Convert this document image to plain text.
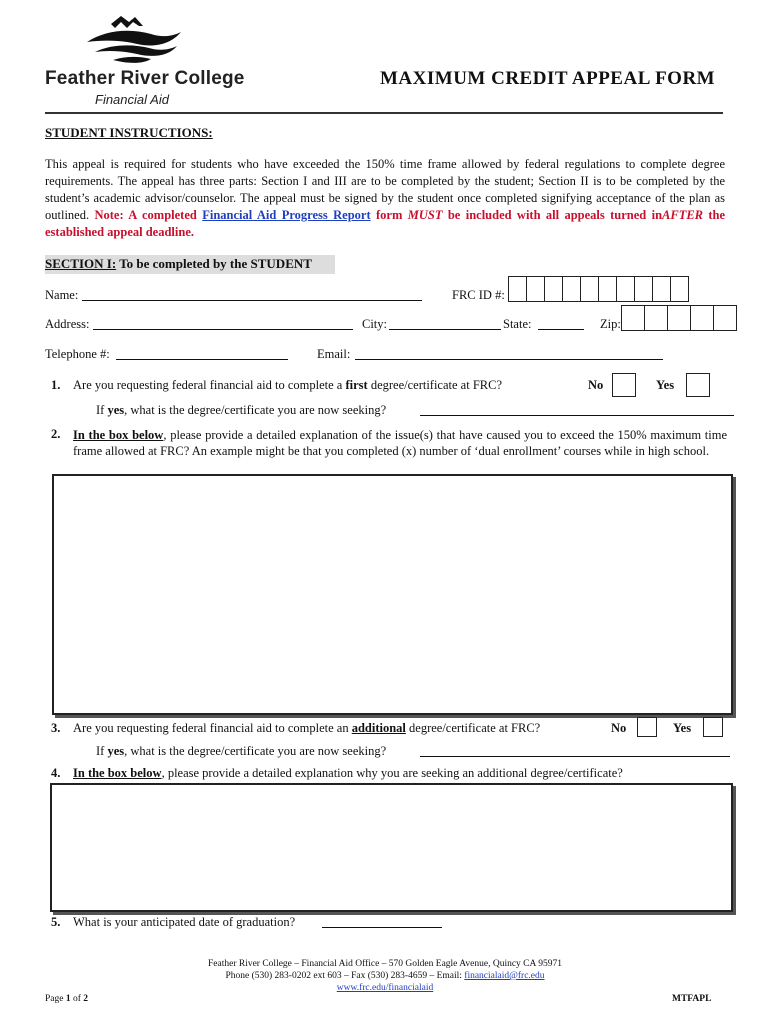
Feather River College
Financial Aid
MAXIMUM CREDIT APPEAL FORM
STUDENT INSTRUCTIONS:
This appeal is required for students who have exceeded the 150% time frame allowed by federal regulations to complete degree requirements. The appeal has three parts: Section I and III are to be completed by the student; Section II is to be completed by the student’s academic advisor/counselor. The appeal must be signed by the student once completed signifying acceptance of the plan as outlined. Note: A completed Financial Aid Progress Report form MUST be included with all appeals turned inAFTER the established appeal deadline.
SECTION I: To be completed by the STUDENT
Name:	FRC ID #:
Address:	City:	State:	Zip:
Telephone #:	Email:
1. Are you requesting federal financial aid to complete a first degree/certificate at FRC?	No	Yes
If yes, what is the degree/certificate you are now seeking?
2. In the box below, please provide a detailed explanation of the issue(s) that have caused you to exceed the 150% maximum time frame allowed at FRC? An example might be that you completed (x) number of ‘dual enrollment’ courses while in high school.
3. Are you requesting federal financial aid to complete an additional degree/certificate at FRC?	No	Yes
If yes, what is the degree/certificate you are now seeking?
4. In the box below, please provide a detailed explanation why you are seeking an additional degree/certificate?
5. What is your anticipated date of graduation?
Feather River College – Financial Aid Office – 570 Golden Eagle Avenue, Quincy CA 95971
Phone (530) 283-0202 ext 603 – Fax (530) 283-4659 – Email: financialaid@frc.edu
www.frc.edu/financialaid
Page 1 of 2	MTFAPL
